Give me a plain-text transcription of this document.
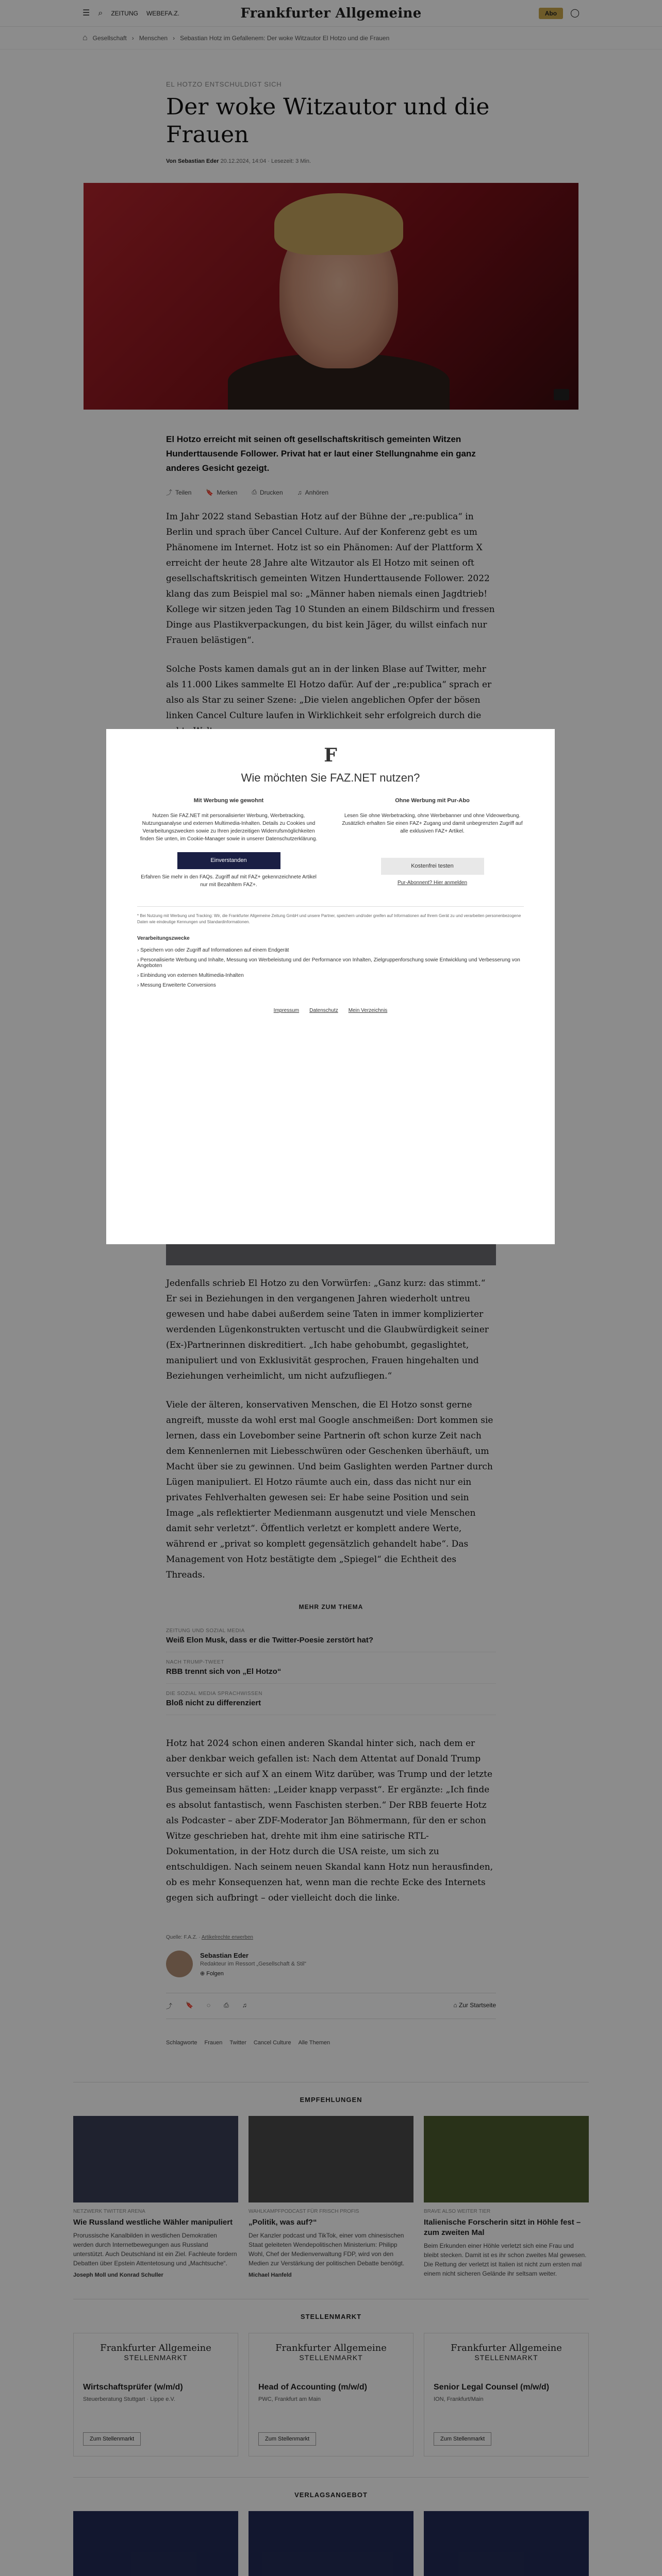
☰ ⌕ ZEITUNG WEBEFA.Z.	Frankfurter Allgemeine	Abo	◯
⌂ Gesellschaft › Menschen › Sebastian Hotz im Gefallenem: Der woke Witzautor El Hotzo und die Frauen
EL HOTZO ENTSCHULDIGT SICH
Der woke Witzautor und die Frauen
Von Sebastian Eder 20.12.2024, 14:04 · Lesezeit: 3 Min.
El Hotzo erreicht mit seinen oft gesellschaftskritisch gemeinten Witzen Hunderttausende Follower. Privat hat er laut einer Stellungnahme ein ganz anderes Gesicht gezeigt.
⤴ Teilen 🔖 Merken ⎙ Drucken ♫ Anhören

Im Jahr 2022 stand Sebastian Hotz auf der Bühne der „re:publica“ in Berlin und sprach über Cancel Culture. Auf der Konferenz gebt es um Phänomene im Internet. Hotz ist so ein Phänomen: Auf der Plattform X erreicht der heute 28 Jahre alte Witzautor als El Hotzo mit seinen oft gesellschaftskritisch gemeinten Witzen Hunderttausende Follower. 2022 klang das zum Beispiel mal so: „Männer haben niemals einen Jagdtrieb! Kollege wir sitzen jeden Tag 10 Stunden an einem Bildschirm und fressen Dinge aus Plastikverpackungen, du bist kein Jäger, du willst einfach nur Frauen belästigen“.

Solche Posts kamen damals gut an in der linken Blase auf Twitter, mehr als 11.000 Likes sammelte El Hotzo dafür. Auf der „re:publica“ sprach er also als Star zu seiner Szene: „Die vielen angeblichen Opfer der bösen linken Cancel Culture laufen in Wirklichkeit sehr erfolgreich durch die

Jedenfalls schrieb El Hotzo zu den Vorwürfen: „Ganz kurz: das stimmt.“ Er sei in Beziehungen in den vergangenen Jahren wiederholt untreu gewesen und habe dabei außerdem seine Taten in immer komplizierter werdenden Lügenkonstrukten vertuscht und die Glaubwürdigkeit seiner (Ex-)Partnerinnen diskreditiert. „Ich habe gehobumbt, gegaslightet, manipuliert und von Exklusivität gesprochen, Frauen hingehalten und Beziehungen verheimlicht, um nicht aufzufliegen.“

Viele der älteren, konservativen Menschen, die El Hotzo sonst gerne angreift, musste da wohl erst mal Google anschmeißen: Dort kommen sie lernen, dass ein Lovebomber seine Partnerin oft schon kurze Zeit nach dem Kennenlernen mit Liebesschwüren oder Geschenken überhäuft, um Macht über sie zu gewinnen. Und beim Gaslighten werden Partner durch Lügen manipuliert. El Hotzo räumte auch ein, dass das nicht nur ein privates Fehlverhalten gewesen sei: Er habe seine Position und sein Image „als reflektierter Medienmann ausgenutzt und viele Menschen damit sehr verletzt“. Öffentlich verletzt er komplett andere Werte, während er „privat so komplett gegensätzlich gehandelt habe“. Das Management von Hotz bestätigte dem „Spiegel“ die Echtheit des Threads.

MEHR ZUM THEMA
ZEITUNG UND SOZIAL MEDIA
Weiß Elon Musk, dass er die Twitter-Poesie zerstört hat?
NACH TRUMP-TWEET
RBB trennt sich von „El Hotzo“
DIE SOZIAL MEDIA SPRACHWISSEN
Bloß nicht zu differenziert

Hotz hat 2024 schon einen anderen Skandal hinter sich, nach dem er aber denkbar weich gefallen ist: Nach dem Attentat auf Donald Trump versuchte er sich auf X an einem Witz darüber, was Trump und der letzte Bus gemeinsam hätten: „Leider knapp verpasst“. Er ergänzte: „Ich finde es absolut fantastisch, wenn Faschisten sterben.“ Der RBB feuerte Hotz als Podcaster – aber ZDF-Moderator Jan Böhmermann, für den er schon Witze geschrieben hat, drehte mit ihm eine satirische RTL-Dokumentation, in der Hotz durch die USA reiste, um sich zu entschuldigen. Nach seinem neuen Skandal kann Hotz nun herausfinden, ob es mehr Konsequenzen hat, wenn man die rechte Ecke des Internets gegen sich aufbringt – oder vielleicht doch die linke.

Quelle: F.A.Z. · Artikelrechte erwerben
Sebastian Eder
Redakteur im Ressort „Gesellschaft & Stil“
⊕ Folgen
⤴ 🔖 ◌ ⎙ ♫	⌂ Zur Startseite
Schlagworte Frauen Twitter Cancel Culture Alle Themen
EMPFEHLUNGEN
NETZWERK TWITTER ARENA
Wie Russland westliche Wähler manipuliert
Prorussische Kanalbilden in westlichen Demokratien werden durch Internetbewegungen aus Russland unterstützt. Auch Deutschland ist ein Ziel. Fachleute fordern Debatten über Epstein Attentetosung und „Machtsuche“.
Joseph Moll und Konrad Schuller
WAHLKAMPFPODCAST FÜR FRISCH PROFIS
„Politik, was auf?“
Der Kanzler podcast und TikTok, einer vom chinesischen Staat geleiteten Wendepolitischen Ministerium: Philipp Wohl, Chef der Medienverwaltung FDP, wird von den Medien zur Verstärkung der politischen Debatte benötigt.
Michael Hanfeld
BRAVE ALSO WEITER TIER
Italienische Forscherin sitzt in Höhle fest – zum zweiten Mal
Beim Erkunden einer Höhle verletzt sich eine Frau und bleibt stecken. Damit ist es ihr schon zweites Mal gewesen. Die Rettung der verletzt ist Italien ist nicht zum ersten mal einem nicht sicheren Gelände ihr seltsam weiter.
STELLENMARKT
Frankfurter Allgemeine
STELLENMARKT
Wirtschaftsprüfer (w/m/d)
Steuerberatung Stuttgart · Lippe e.V.
Zum Stellenmarkt
Frankfurter Allgemeine
STELLENMARKT
Head of Accounting (m/w/d)
PWC, Frankfurt am Main
Zum Stellenmarkt
Frankfurter Allgemeine
STELLENMARKT
Senior Legal Counsel (m/w/d)
ION, Frankfurt/Main
Zum Stellenmarkt
VERLAGSANGEBOT
F
Wie möchten Sie FAZ.NET nutzen?
Mit Werbung wie gewohnt

Nutzen Sie FAZ.NET mit personalisierter Werbung, Werbetracking, Nutzungsanalyse und externen Multimedia-Inhalten. Details zu Cookies und Verarbeitungszwecken sowie zu Ihren jederzeitigen Widerrufsmöglichkeiten finden Sie unten, im Cookie-Manager sowie in unserer Datenschutzerklärung.

Einverstanden

Erfahren Sie mehr in den FAQs. Zugriff auf mit FAZ+ gekennzeichnete Artikel nur mit Bezahltem FAZ+.

Ohne Werbung mit Pur-Abo

Lesen Sie ohne Werbetracking, ohne Werbebanner und ohne Videowerbung. Zusätzlich erhalten Sie einen FAZ+ Zugang und damit unbegrenzten Zugriff auf alle exklusiven FAZ+ Artikel.

Kostenfrei testen

Pur-Abonnent? Hier anmelden

* Bei Nutzung mit Werbung und Tracking: Wir, die Frankfurter Allgemeine Zeitung GmbH und unsere Partner, speichern und/oder greifen auf Informationen auf Ihrem Gerät zu und verarbeiten personenbezogene Daten wie eindeutige Kennungen und Standardinformationen.
Verarbeitungszwecke
› Speichern von oder Zugriff auf Informationen auf einem Endgerät
› Personalisierte Werbung und Inhalte, Messung von Werbeleistung und der Performance von Inhalten, Zielgruppenforschung sowie Entwicklung und Verbesserung von Angeboten
› Einbindung von externen Multimedia-Inhalten
› Messung Erweiterte Conversions
Impressum Datenschutz Mein Verzeichnis
